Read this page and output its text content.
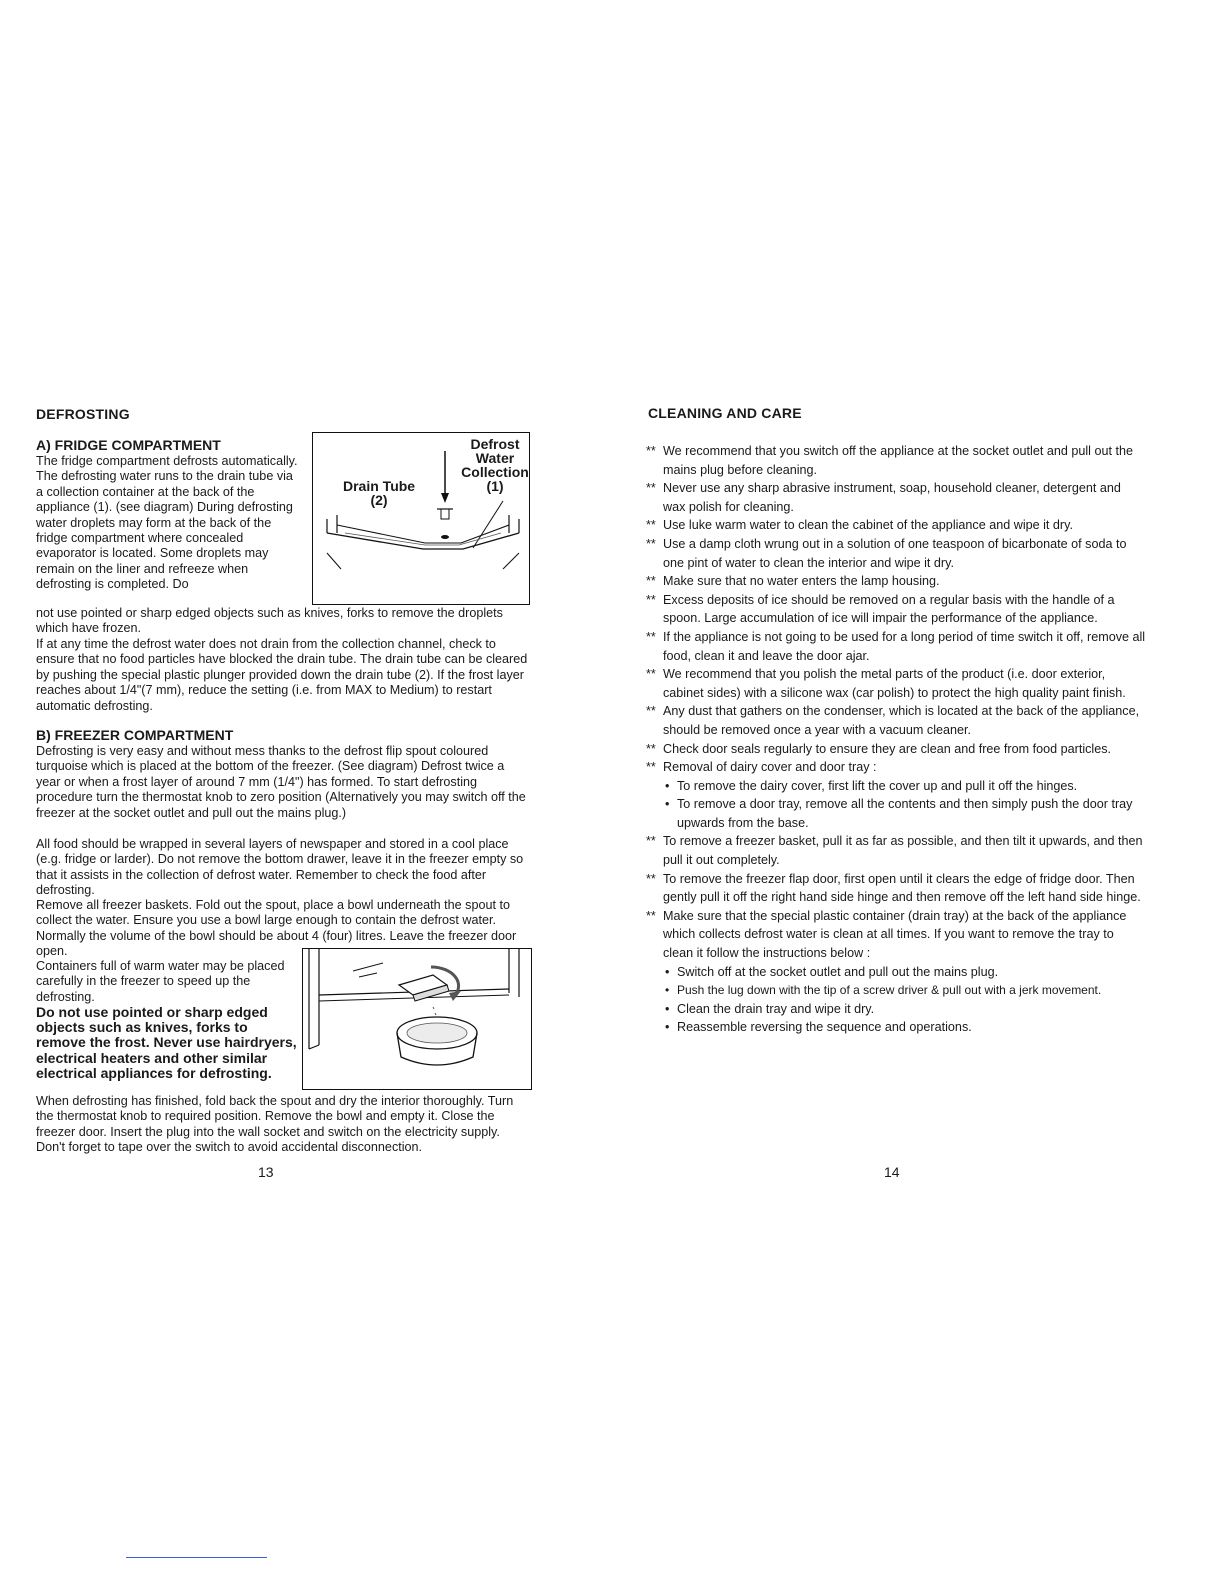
DEFROSTING
A) FRIDGE COMPARTMENT

The fridge compartment defrosts automatically. The defrosting water runs to the drain tube via a collection container at the back of the appliance (1). (see diagram) During defrosting water droplets may form at the back of the fridge compartment where concealed evaporator is located. Some droplets may remain on the liner and refreeze when defrosting is completed. Do

Drain Tube
(2)
Defrost
Water
Collection
(1)

not use pointed or sharp edged objects such as knives, forks to remove the droplets which have frozen.

If at any time the defrost water does not drain from the collection channel, check to ensure that no food particles have blocked the drain tube. The drain tube can be cleared by pushing the special plastic plunger provided down the drain tube (2). If the frost layer reaches about 1/4"(7 mm), reduce the setting (i.e. from MAX to Medium) to restart automatic defrosting.

B) FREEZER COMPARTMENT

Defrosting is very easy and without mess thanks to the defrost flip spout coloured turquoise which is placed at the bottom of the freezer. (See diagram) Defrost twice a year or when a frost layer of around 7 mm (1/4") has formed. To start defrosting procedure turn the thermostat knob to zero position (Alternatively you may switch off the freezer at the socket outlet and pull out the mains plug.)

All food should be wrapped in several layers of newspaper and stored in a cool place (e.g. fridge or larder). Do not remove the bottom drawer, leave it in the freezer empty so that it assists in the collection of defrost water. Remember to check the food after defrosting.

Remove all freezer baskets. Fold out the spout, place a bowl underneath the spout to collect the water. Ensure you use a bowl large enough to contain the defrost water. Normally the volume of the bowl should be about 4 (four) litres. Leave the freezer door open.

Containers full of warm water may be placed carefully in the freezer to speed up the defrosting.

Do not use pointed or sharp edged objects such as knives, forks to remove the frost. Never use hairdryers, electrical heaters and other similar electrical appliances for defrosting.

When defrosting has finished, fold back the spout and dry the interior thoroughly. Turn the thermostat knob to required position. Remove the bowl and empty it. Close the freezer door. Insert the plug into the wall socket and switch on the electricity supply. Don't forget to tape over the switch to avoid accidental disconnection.

13
CLEANING AND CARE
** We recommend that you switch off the appliance at the socket outlet and pull out the mains plug before cleaning.
** Never use any sharp abrasive instrument, soap, household cleaner, detergent and wax polish for cleaning.
** Use luke warm water to clean the cabinet of the appliance and wipe it dry.
** Use a damp cloth wrung out in a solution of one teaspoon of bicarbonate of soda to one pint of water to clean the interior and wipe it dry.
** Make sure that no water enters the lamp housing.
** Excess deposits of ice should be removed on a regular basis with the handle of a spoon. Large accumulation of ice will impair the performance of the appliance.
** If the appliance is not going to be used for a long period of time switch it off, remove all food, clean it and leave the door ajar.
** We recommend that you polish the metal parts of the product (i.e. door exterior, cabinet sides) with a silicone wax (car polish) to protect the high quality paint finish.
** Any dust that gathers on the condenser, which is located at the back of the appliance, should be removed once a year with a vacuum cleaner.
** Check door seals regularly to ensure they are clean and free from food particles.
** Removal of dairy cover and door tray :
• To remove the dairy cover, first lift the cover up and pull it off the hinges.
• To remove a door tray, remove all the contents and then simply push the door tray upwards from the base.
** To remove a freezer basket, pull it as far as possible, and then tilt it upwards, and then pull it out completely.
** To remove the freezer flap door, first open until it clears the edge of fridge door. Then gently pull it off the right hand side hinge and then remove off the left hand side hinge.
** Make sure that the special plastic container (drain tray) at the back of the appliance which collects defrost water is clean at all times. If you want to remove the tray to clean it follow the instructions below :
• Switch off at the socket outlet and pull out the mains plug.
• Push the lug down with the tip of a screw driver & pull out with a jerk movement.
• Clean the drain tray and wipe it dry.
• Reassemble reversing the sequence and operations.
14
